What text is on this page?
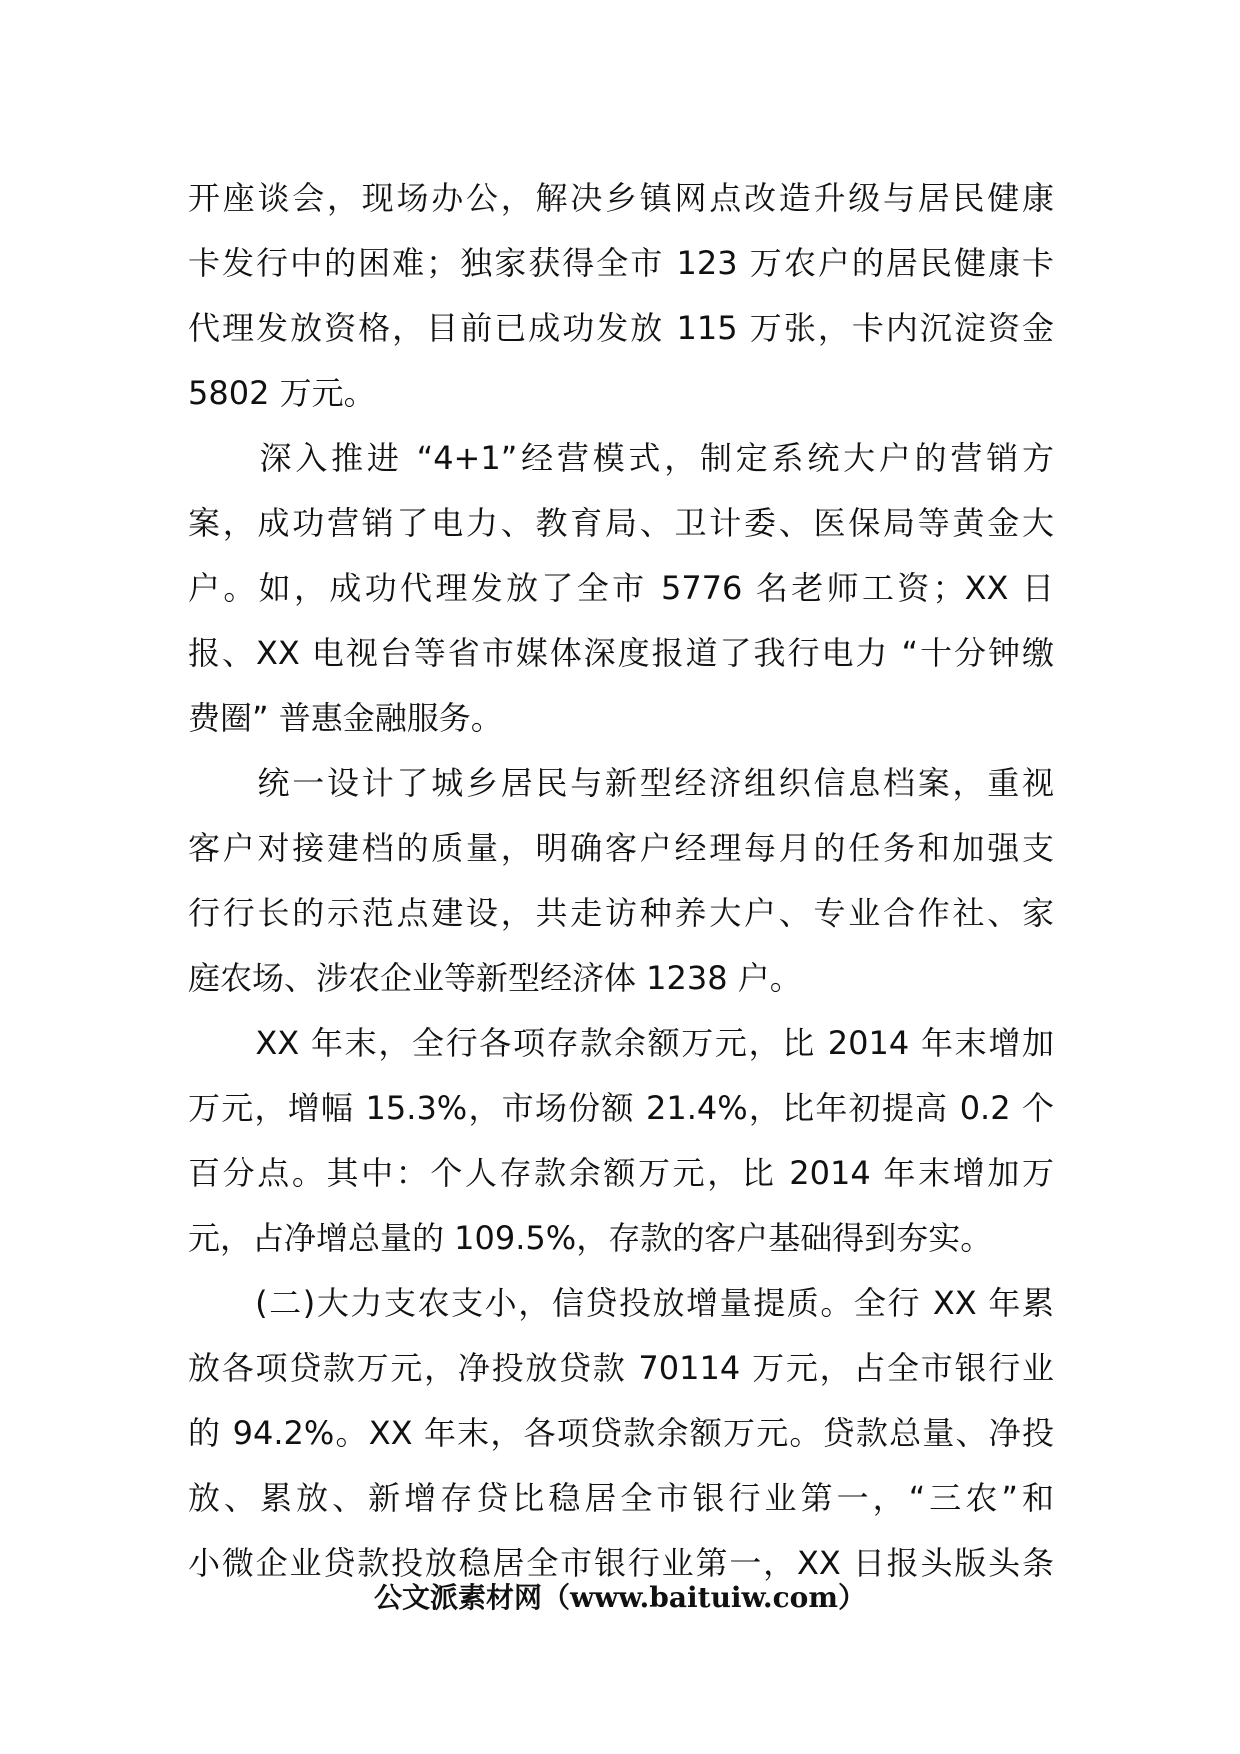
开座谈会，现场办公，解决乡镇网点改造升级与居民健康
卡发行中的困难；独家获得全市 123 万农户的居民健康卡
代理发放资格，目前已成功发放 115 万张，卡内沉淀资金
5802 万元。
　　深入推进 “4+1”经营模式，制定系统大户的营销方
案，成功营销了电力、教育局、卫计委、医保局等黄金大
户。如，成功代理发放了全市 5776 名老师工资；XX 日
报、XX 电视台等省市媒体深度报道了我行电力 “十分钟缴
费圈” 普惠金融服务。
　　统一设计了城乡居民与新型经济组织信息档案，重视
客户对接建档的质量，明确客户经理每月的任务和加强支
行行长的示范点建设，共走访种养大户、专业合作社、家
庭农场、涉农企业等新型经济体 1238 户。
　　XX 年末，全行各项存款余额万元，比 2014 年末增加
万元，增幅 15.3%，市场份额 21.4%，比年初提高 0.2 个
百分点。其中：个人存款余额万元，比 2014 年末增加万
元，占净增总量的 109.5%，存款的客户基础得到夯实。
　　(二)大力支农支小，信贷投放增量提质。全行 XX 年累
放各项贷款万元，净投放贷款 70114 万元，占全市银行业
的 94.2%。XX 年末，各项贷款余额万元。贷款总量、净投
放、累放、新增存贷比稳居全市银行业第一，“三农”和
小微企业贷款投放稳居全市银行业第一，XX 日报头版头条
公文派素材网（www.baituiw.com）
